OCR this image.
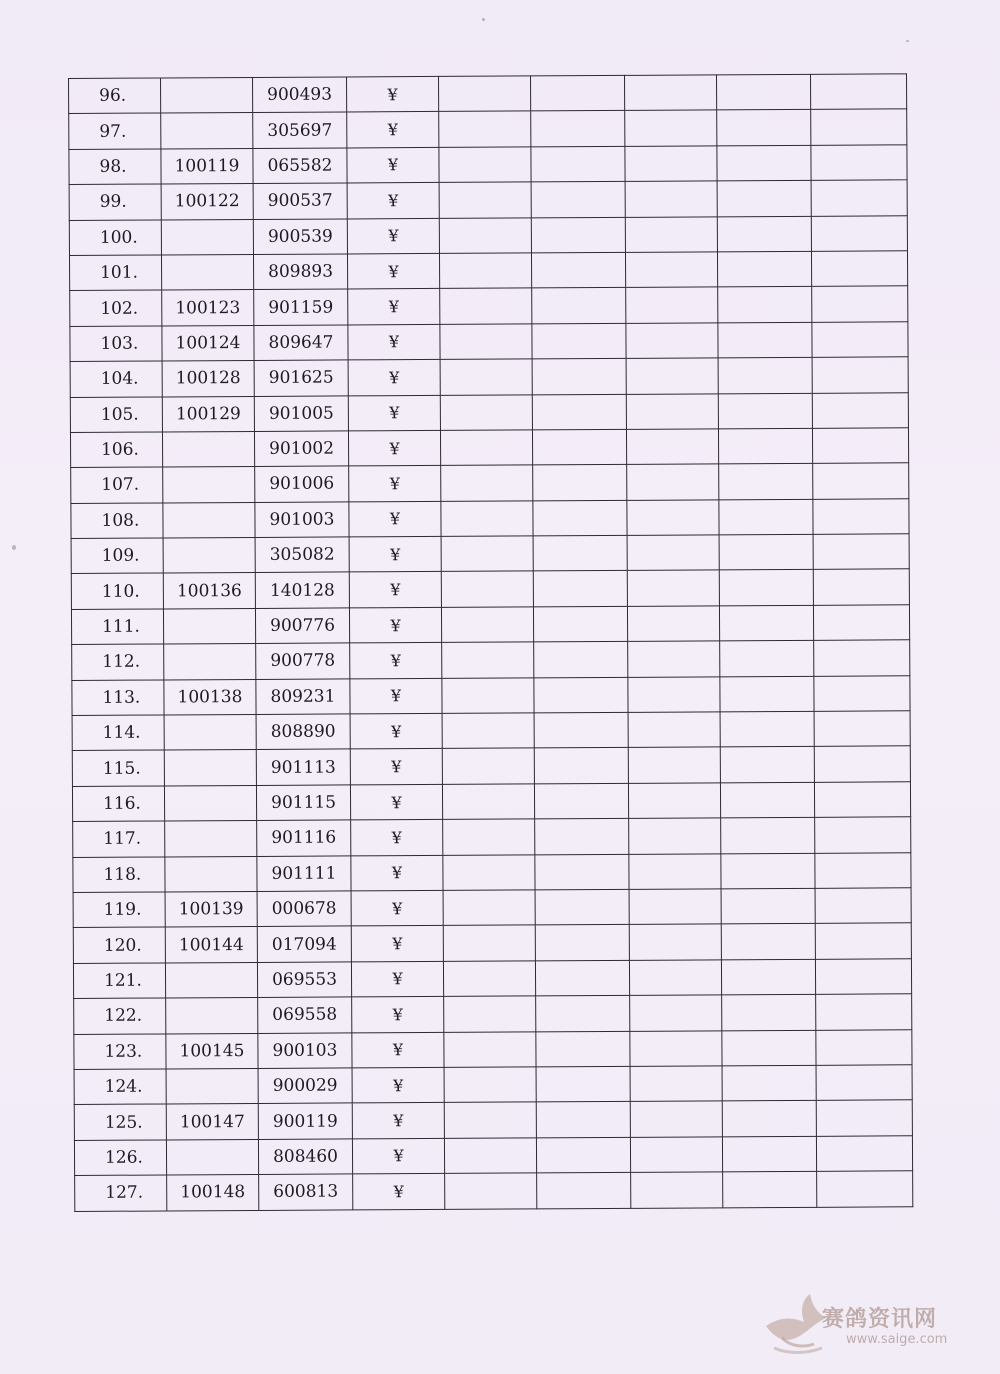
96.		900493	¥					
97.		305697	¥					
98.	100119	065582	¥					
99.	100122	900537	¥					
100.		900539	¥					
101.		809893	¥					
102.	100123	901159	¥					
103.	100124	809647	¥					
104.	100128	901625	¥					
105.	100129	901005	¥					
106.		901002	¥					
107.		901006	¥					
108.		901003	¥					
109.		305082	¥					
110.	100136	140128	¥					
111.		900776	¥					
112.		900778	¥					
113.	100138	809231	¥					
114.		808890	¥					
115.		901113	¥					
116.		901115	¥					
117.		901116	¥					
118.		901111	¥					
119.	100139	000678	¥					
120.	100144	017094	¥					
121.		069553	¥					
122.		069558	¥					
123.	100145	900103	¥					
124.		900029	¥					
125.	100147	900119	¥					
126.		808460	¥					
127.	100148	600813	¥					
赛鸽资讯网
www.saige.com
